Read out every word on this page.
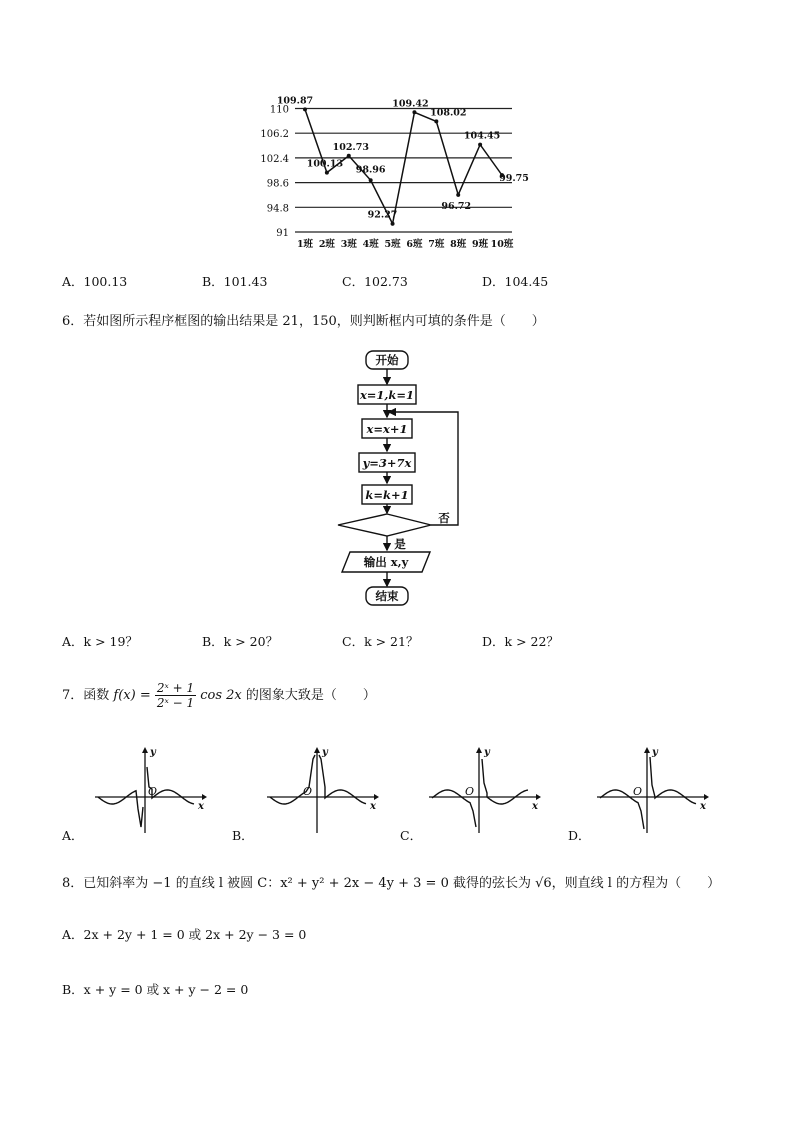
110
106.2
102.4
98.6
94.8
91
1班 2班 3班 4班 5班 6班 7班 8班 9班 10班
109.87
100.13
102.73
98.96
92.27
109.42
108.02
96.72
104.45
99.75
A．100.13	B．101.43	C．102.73	D．104.45
6．若如图所示程序框图的输出结果是 21，150，则判断框内可填的条件是（　　）
开始
x=1,k=1
x=x+1
y=3+7x
k=k+1
否
是
输出 x,y
结束
A．k > 19？	B．k > 20？	C．k > 21？	D．k > 22？
7．函数 $f(x) = \frac{\text{2ˣ + 1}}{\text{2ˣ − 1}}$ cos 2x 的图象大致是（　　）
x
y
O
x
y
O
x
y
O
x
y
O
A．	B．	C．	D．
8．已知斜率为 −1 的直线 l 被圆 C：x² + y² + 2x − 4y + 3 = 0 截得的弦长为 √6，则直线 l 的方程为（　　）
A．2x + 2y + 1 = 0 或 2x + 2y − 3 = 0
B．x + y = 0 或 x + y − 2 = 0
